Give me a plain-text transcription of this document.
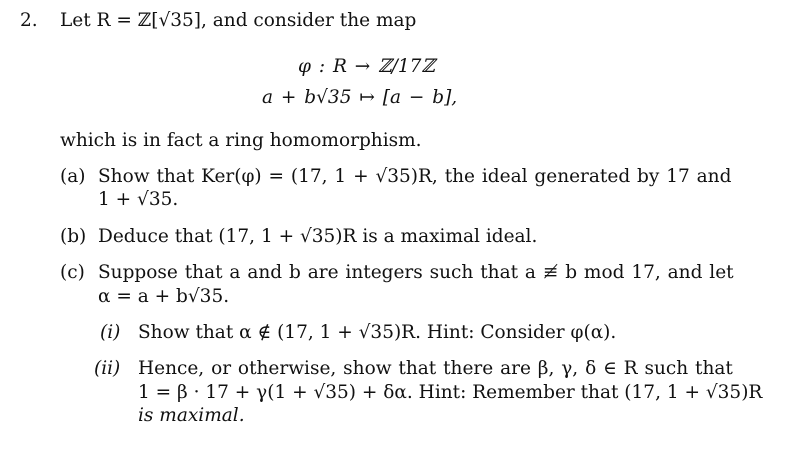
2. Let R = ℤ[√35], and consider the map
φ : R → ℤ/17ℤ
a + b√35 ↦ [a − b],
which is in fact a ring homomorphism.
(a) Show that Ker(φ) = (17, 1 + √35)R, the ideal generated by 17 and
1 + √35.
(b) Deduce that (17, 1 + √35)R is a maximal ideal.
(c) Suppose that a and b are integers such that a ≢ b mod 17, and let
α = a + b√35.
(i) Show that α ∉ (17, 1 + √35)R. Hint: Consider φ(α).
(ii) Hence, or otherwise, show that there are β, γ, δ ∈ R such that
1 = β · 17 + γ(1 + √35) + δα. Hint: Remember that (17, 1 + √35)R
is maximal.
